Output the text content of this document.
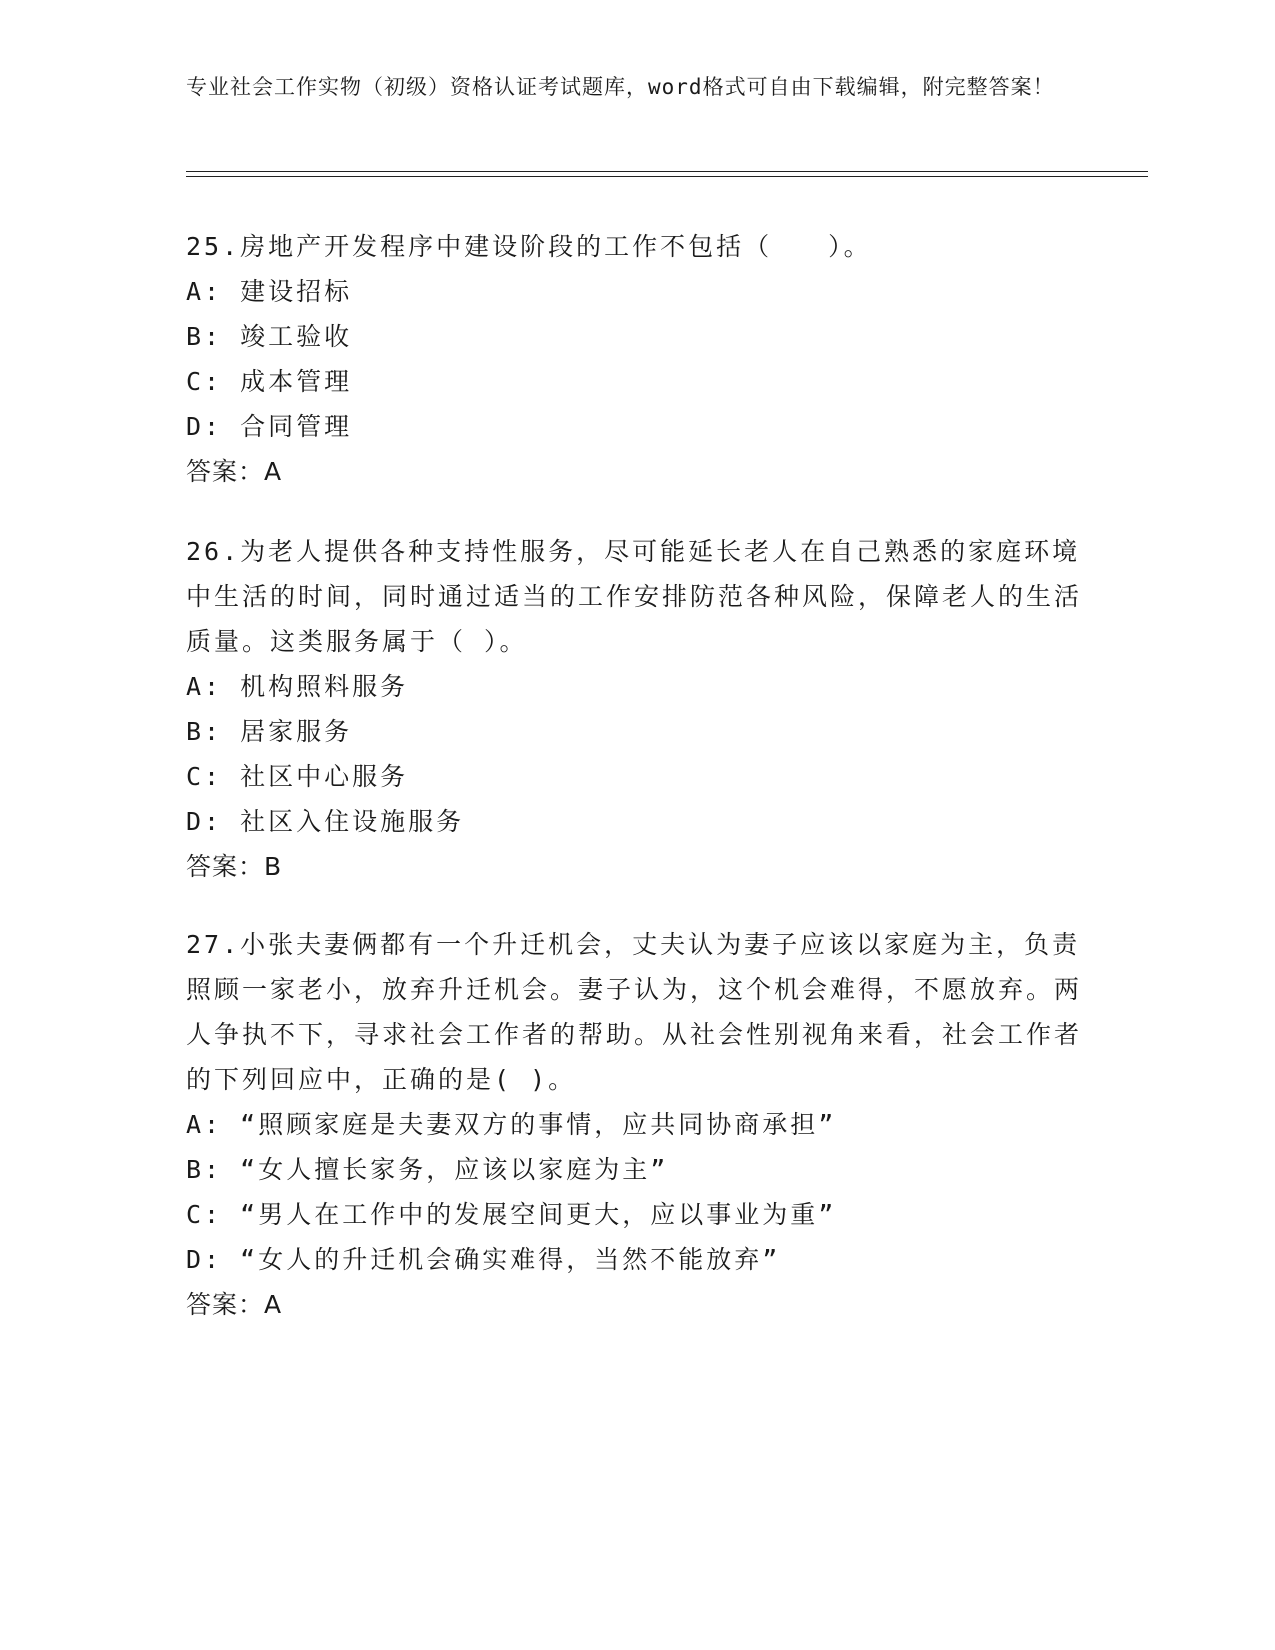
专业社会工作实物（初级）资格认证考试题库，word格式可自由下载编辑，附完整答案！
25.房地产开发程序中建设阶段的工作不包括（　　）。
A: 建设招标
B: 竣工验收
C: 成本管理
D: 合同管理
答案：A
26.为老人提供各种支持性服务，尽可能延长老人在自己熟悉的家庭环境中生活的时间，同时通过适当的工作安排防范各种风险，保障老人的生活质量。这类服务属于（ ）。
A: 机构照料服务
B: 居家服务
C: 社区中心服务
D: 社区入住设施服务
答案：B
27.小张夫妻俩都有一个升迁机会，丈夫认为妻子应该以家庭为主，负责照顾一家老小，放弃升迁机会。妻子认为，这个机会难得，不愿放弃。两人争执不下，寻求社会工作者的帮助。从社会性别视角来看，社会工作者的下列回应中，正确的是( )。
A: “照顾家庭是夫妻双方的事情，应共同协商承担”
B: “女人擅长家务，应该以家庭为主”
C: “男人在工作中的发展空间更大，应以事业为重”
D: “女人的升迁机会确实难得，当然不能放弃”
答案：A
